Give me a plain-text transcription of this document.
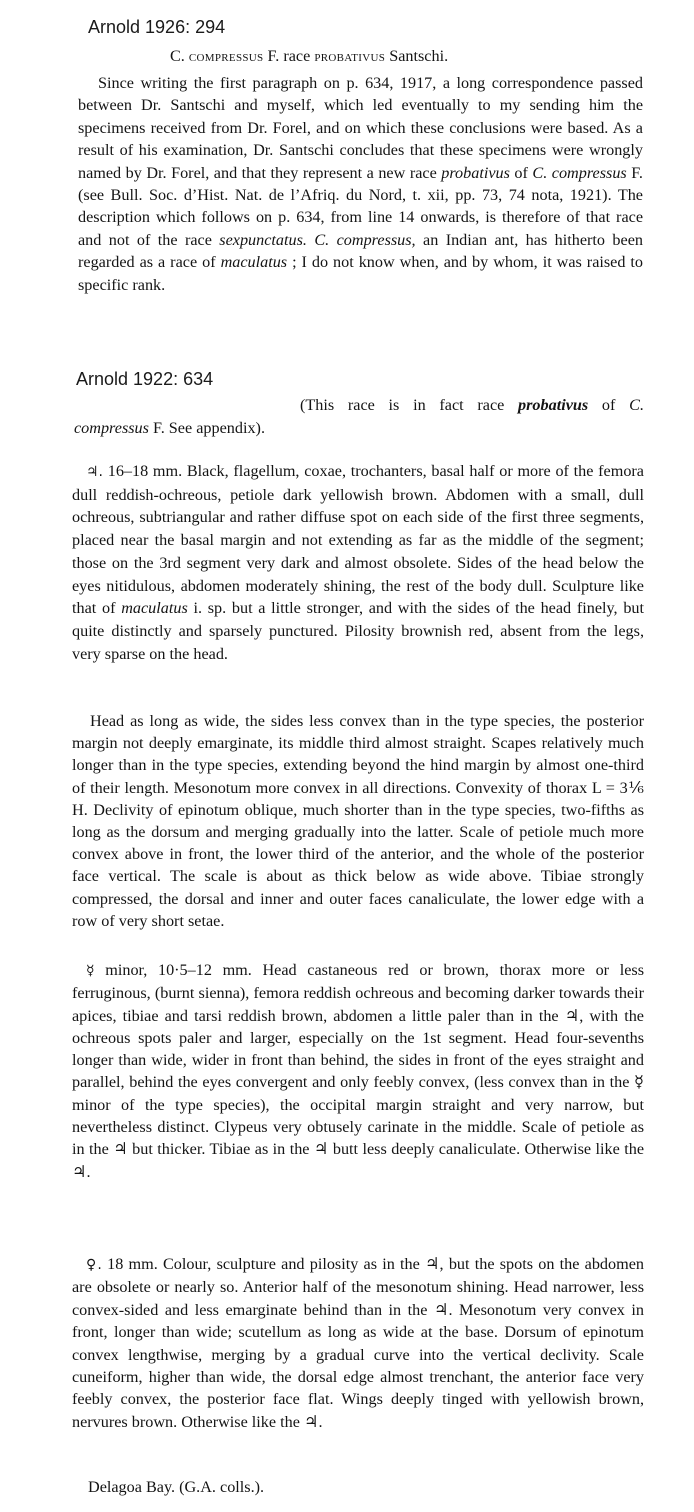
Arnold 1926: 294
C. compressus F. race probativus Santschi.

Since writing the first paragraph on p. 634, 1917, a long correspondence passed between Dr. Santschi and myself, which led eventually to my sending him the specimens received from Dr. Forel, and on which these conclusions were based. As a result of his examination, Dr. Santschi concludes that these specimens were wrongly named by Dr. Forel, and that they represent a new race probativus of C. compressus F. (see Bull. Soc. d’Hist. Nat. de l’Afriq. du Nord, t. xii, pp. 73, 74 nota, 1921). The description which follows on p. 634, from line 14 onwards, is therefore of that race and not of the race sexpunctatus. C. compressus, an Indian ant, has hitherto been regarded as a race of maculatus ; I do not know when, and by whom, it was raised to specific rank.

Arnold 1922: 634

(This race is in fact race probativus of C. compressus F. See appendix).

♃. 16–18 mm. Black, flagellum, coxae, trochanters, basal half or more of the femora dull reddish-ochreous, petiole dark yellowish brown. Abdomen with a small, dull ochreous, subtriangular and rather diffuse spot on each side of the first three segments, placed near the basal margin and not extending as far as the middle of the segment; those on the 3rd segment very dark and almost obsolete. Sides of the head below the eyes nitidulous, abdomen moderately shining, the rest of the body dull. Sculpture like that of maculatus i. sp. but a little stronger, and with the sides of the head finely, but quite distinctly and sparsely punctured. Pilosity brownish red, absent from the legs, very sparse on the head.

Head as long as wide, the sides less convex than in the type species, the posterior margin not deeply emarginate, its middle third almost straight. Scapes relatively much longer than in the type species, extending beyond the hind margin by almost one-third of their length. Mesonotum more convex in all directions. Convexity of thorax L = 3⅙ H. Declivity of epinotum oblique, much shorter than in the type species, two-fifths as long as the dorsum and merging gradually into the latter. Scale of petiole much more convex above in front, the lower third of the anterior, and the whole of the posterior face vertical. The scale is about as thick below as wide above. Tibiae strongly compressed, the dorsal and inner and outer faces canaliculate, the lower edge with a row of very short setae.

☿ minor, 10·5–12 mm. Head castaneous red or brown, thorax more or less ferruginous, (burnt sienna), femora reddish ochreous and becoming darker towards their apices, tibiae and tarsi reddish brown, abdomen a little paler than in the ♃, with the ochreous spots paler and larger, especially on the 1st segment. Head four-sevenths longer than wide, wider in front than behind, the sides in front of the eyes straight and parallel, behind the eyes convergent and only feebly convex, (less convex than in the ☿ minor of the type species), the occipital margin straight and very narrow, but nevertheless distinct. Clypeus very obtusely carinate in the middle. Scale of petiole as in the ♃ but thicker. Tibiae as in the ♃ butt less deeply canaliculate. Otherwise like the ♃.

♀. 18 mm. Colour, sculpture and pilosity as in the ♃, but the spots on the abdomen are obsolete or nearly so. Anterior half of the mesonotum shining. Head narrower, less convex-sided and less emarginate behind than in the ♃. Mesonotum very convex in front, longer than wide; scutellum as long as wide at the base. Dorsum of epinotum convex lengthwise, merging by a gradual curve into the vertical declivity. Scale cuneiform, higher than wide, the dorsal edge almost trenchant, the anterior face very feebly convex, the posterior face flat. Wings deeply tinged with yellowish brown, nervures brown. Otherwise like the ♃.

Delagoa Bay. (G.A. colls.).
